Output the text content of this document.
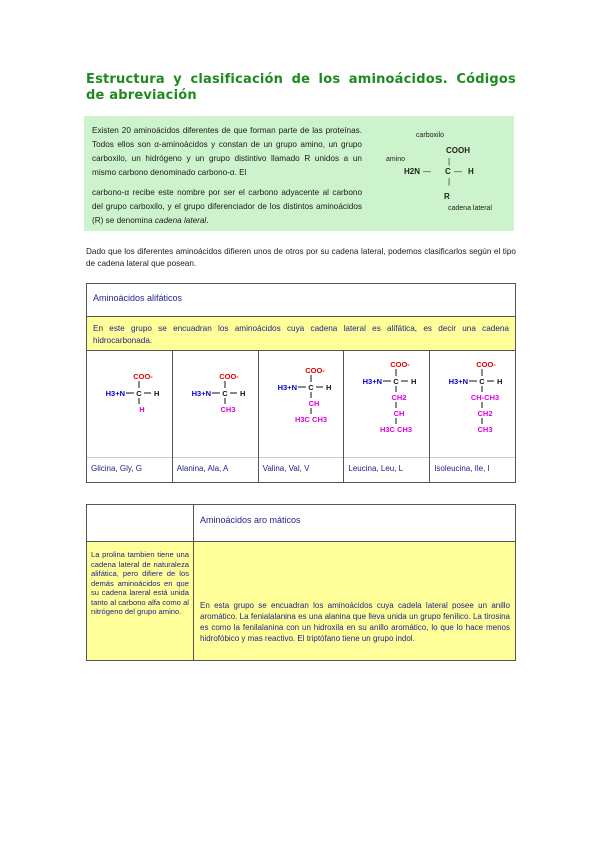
Estructura y clasificación de los aminoácidos. Códigos de abreviación

Existen 20 aminoácidos diferentes de que forman parte de las proteínas. Todos ellos son α-aminoácidos y constan de un grupo amino, un grupo carboxilo, un hidrógeno y un grupo distintivo llamado R unidos a un mismo carbono denominado carbono-α. El

carbono-α recibe este nombre por ser el carbono adyacente al carbono del grupo carboxilo, y el grupo diferenciador de los distintos aminoácidos (R) se denomina cadena lateral.

carboxilo
COOH
amino
H2N — C — H
|
|
R
cadena lateral
Dado que los diferentes aminoácidos difieren unos de otros por su cadena lateral, podemos clasificarlos según el tipo de cadena lateral que posean.
Aminoácidos alifáticos
En este grupo se encuadran los aminoácidos cuya cadena lateral es alifática, es decir una cadena hidrocarbonada.
COO-
H3+N C H
H
Glicina, Gly, G
COO-
H3+N C H
CH3
Alanina, Ala, A
COO-
H3+N C H
CH
H3C CH3
Valina, Val, V
COO-
H3+N C H
CH2
CH
H3C CH3
Leucina, Leu, L
COO-
H3+N C H
CH-CH3
CH2
CH3
Isoleucina, Ile, I
Aminoácidos aro máticos
La prolina tambien tiene una cadena lateral de naturaleza alifática, pero difiere de los demás aminoácidos en que su cadena lareral está unida tanto al carbono alfa como al nitrógeno del grupo amino.
En esta grupo se encuadran los aminoácidos cuya cadela lateral posee un anillo aromático. La fenialalanina es una alanina que lleva unida un grupo fenílico. La tirosina es como la fenilalanina con un hidroxila en su anillo aromático, lo que lo hace menos hidrofóbico y mas reactivo. El triptófano tiene un grupo indol.
